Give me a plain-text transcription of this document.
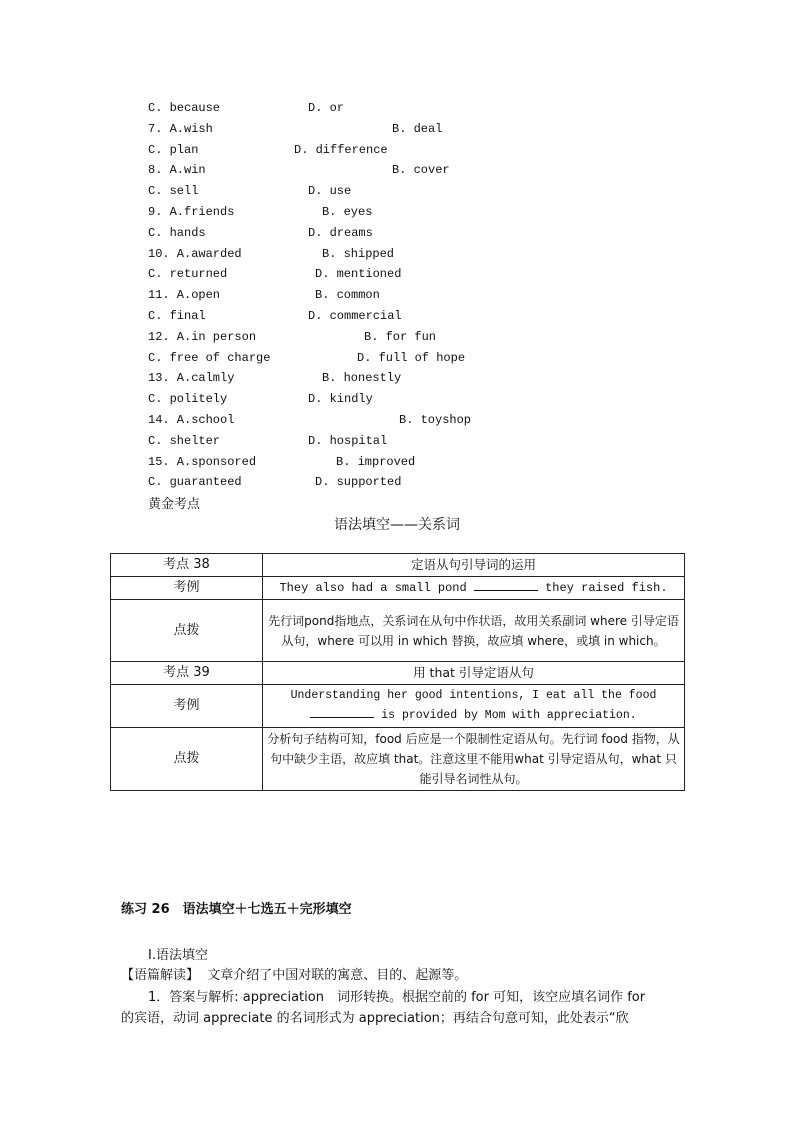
C. because	D. or
7. A.wish	B. deal
C. plan	D. difference
8. A.win	B. cover
C. sell	D. use
9. A.friends	B. eyes
C. hands	D. dreams
10. A.awarded	B. shipped
C. returned	D. mentioned
11. A.open	B. common
C. final	D. commercial
12. A.in person	B. for fun
C. free of charge	D. full of hope
13. A.calmly	B. honestly
C. politely	D. kindly
14. A.school	B. toyshop
C. shelter	D. hospital
15. A.sponsored	B. improved
C. guaranteed	D. supported
黄金考点
语法填空——关系词
考点 38	定语从句引导词的运用
考例	They also had a small pond they raised fish.
点拨	先行词pond指地点，关系词在从句中作状语，故用关系副词 where 引导定语从句，where 可以用 in which 替换，故应填 where，或填 in which。
考点 39	用 that 引导定语从句
考例	Understanding her good intentions, I eat all the food  is provided by Mom with appreciation.
点拨	分析句子结构可知，food 后应是一个限制性定语从句。先行词 food 指物，从句中缺少主语，故应填 that。注意这里不能用what 引导定语从句，what 只能引导名词性从句。
练习 26　语法填空＋七选五＋完形填空
Ⅰ.语法填空
【语篇解读】 文章介绍了中国对联的寓意、目的、起源等。
1．答案与解析: appreciation　词形转换。根据空前的 for 可知，该空应填名词作 for
的宾语，动词 appreciate 的名词形式为 appreciation；再结合句意可知，此处表示“欣
